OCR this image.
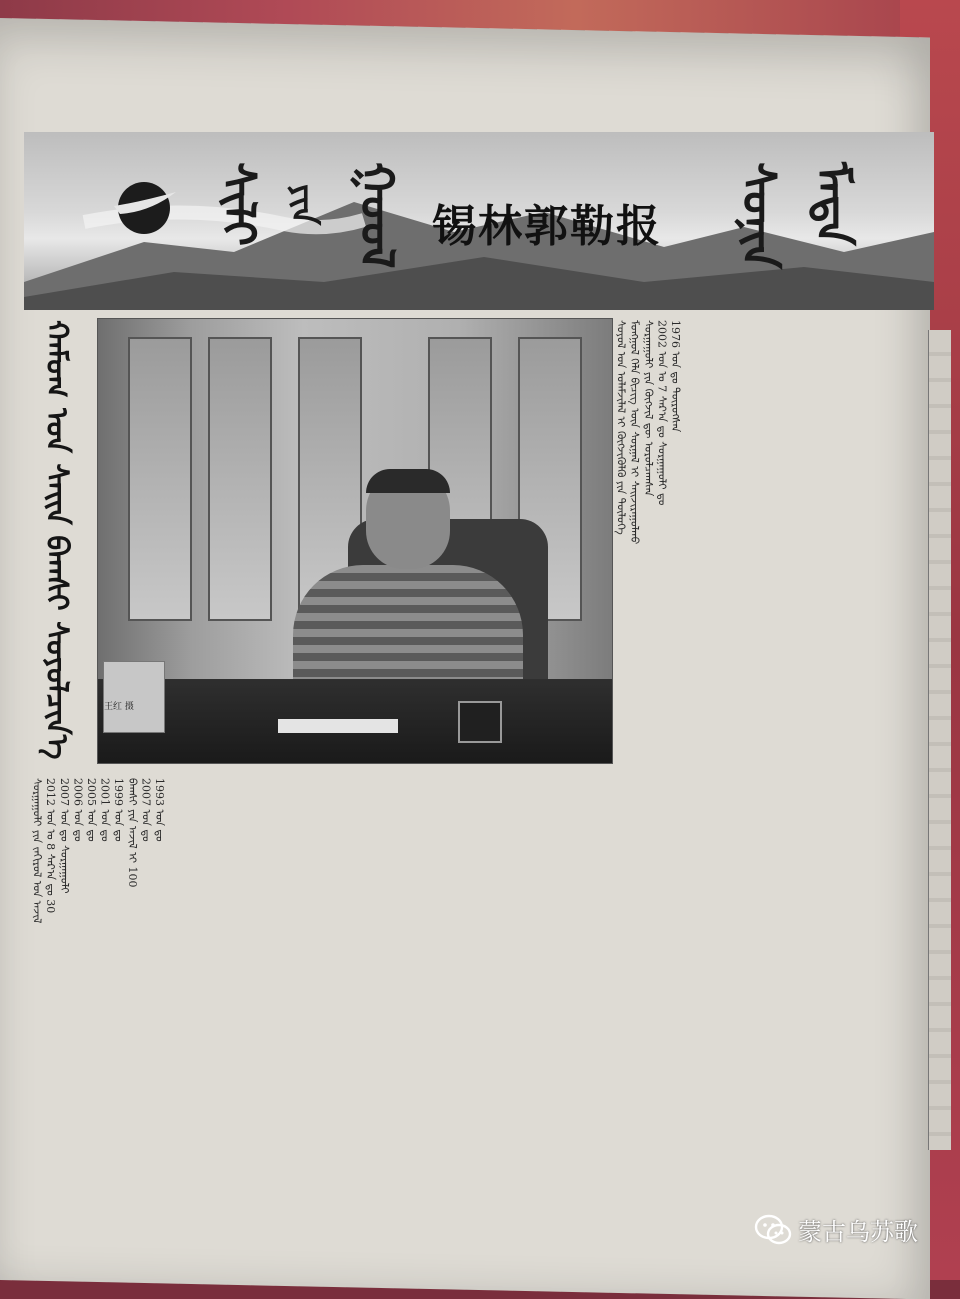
ᠰᠢᠯᠢ ᠶᠢᠨ ᠭᠣᠣᠯ 锡林郭勒报 ᠰᠣᠨᠢᠨ ᠮᠡᠳᠡ
ᠬᠠᠮᠤᠭ ᠤᠨ ᠰᠠᠢᠨ ᠪᠠᠭᠰᠢ ᠰᠣᠶᠣᠯᠴᠢᠨ᠎ᠡ	王红 摄
ᠰᠣᠶᠣᠯ ᠤᠨ ᠤᠯᠠᠮᠵᠢᠯᠠᠯ ᠢ ᠬᠥᠭᠵᠢᠭᠦᠯᠬᠦ ᠶᠢᠨ ᠲᠥᠯᠥᠭᠡ ᠮᠣᠩᠭᠣᠯ ᠬᠡᠯᠡ ᠪᠢᠴᠢᠭ ᠦᠨ ᠰᠤᠷᠭᠠᠯ ᠢ ᠰᠠᠢᠵᠢᠷᠠᠭᠤᠯᠬᠤ ᠰᠤᠷᠭᠠᠭᠤᠯᠢ ᠶᠢᠨ ᠬᠥᠭᠵᠢᠯ ᠳᠦ ᠣᠷᠣᠯᠴᠠᠭᠰᠠᠨ 2002 ᠣᠨ ᠤ 7 ᠰᠠᠷ᠎ᠠ ᠳᠤ ᠰᠤᠷᠭᠠᠭᠤᠯᠢ ᠳᠤ 1976 ᠣᠨ ᠳᠤ ᠲᠥᠷᠥᠭᠰᠡᠨ
ᠰᠤᠷᠭᠠᠭᠤᠯᠢ ᠶᠢᠨ ᠵᠠᠬᠢᠷᠤᠯ ᠤᠨ ᠠᠵᠢᠯ 2012 ᠣᠨ ᠤ 8 ᠰᠠᠷ᠎ᠠ ᠳᠤ 30 2007 ᠣᠨ ᠳᠤ ᠰᠤᠷᠭᠠᠭᠤᠯᠢ 2006 ᠣᠨ ᠳᠤ 2005 ᠣᠨ ᠳᠤ 2001 ᠣᠨ ᠳᠤ 1999 ᠣᠨ ᠳᠤ ᠪᠠᠭᠰᠢ ᠶᠢᠨ ᠠᠵᠢᠯ ᠢ 100 2007 ᠣᠨ ᠳᠤ 1993 ᠣᠨ ᠳᠤ
蒙古乌苏歌
